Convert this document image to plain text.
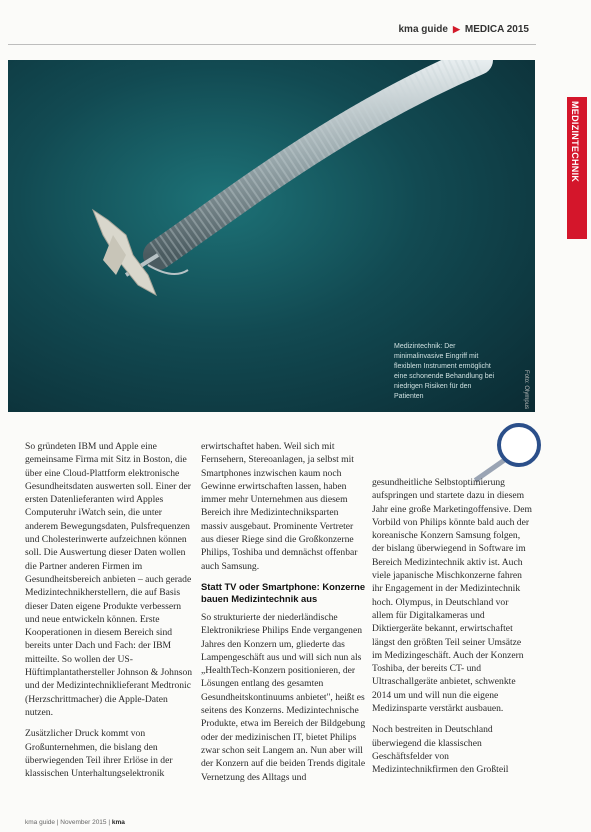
kma guide ▶ MEDICA 2015
MEDIZINTECHNIK
Medizintechnik: Der minimalinvasive Eingriff mit flexiblem Instrument ermöglicht eine schonende Behandlung bei niedrigen Risiken für den Patienten	Foto: Olympus

So gründeten IBM und Apple eine gemeinsame Firma mit Sitz in Boston, die über eine Cloud-Plattform elektronische Gesundheitsdaten auswerten soll. Einer der ersten Datenlieferanten wird Apples Computeruhr iWatch sein, die unter anderem Bewegungsdaten, Pulsfrequenzen und Cholesterinwerte aufzeichnen können soll. Die Auswertung dieser Daten wollen die Partner anderen Firmen im Gesundheitsbereich anbieten – auch gerade Medizintechnikherstellern, die auf Basis dieser Daten eigene Produkte verbessern und neue entwickeln können. Erste Kooperationen in diesem Bereich sind bereits unter Dach und Fach: der IBM mitteilte. So wollen der US-Hüftimplantathersteller Johnson & Johnson und der Medizintechniklieferant Medtronic (Herzschrittmacher) die Apple-Daten nutzen.

Zusätzlicher Druck kommt von Großunternehmen, die bislang den überwiegenden Teil ihrer Erlöse in der klassischen Unterhaltungselektronik

erwirtschaftet haben. Weil sich mit Fernsehern, Stereoanlagen, ja selbst mit Smartphones inzwischen kaum noch Gewinne erwirtschaften lassen, haben immer mehr Unternehmen aus diesem Bereich ihre Medizintechniksparten massiv ausgebaut. Prominente Vertreter aus dieser Riege sind die Großkonzerne Philips, Toshiba und demnächst offenbar auch Samsung.

Statt TV oder Smartphone: Konzerne bauen Medizintechnik aus

So strukturierte der niederländische Elektronikriese Philips Ende vergangenen Jahres den Konzern um, gliederte das Lampengeschäft aus und will sich nun als „HealthTech-Konzern positionieren, der Lösungen entlang des gesamten Gesundheitskontinuums anbietet", heißt es seitens des Konzerns. Medizintechnische Produkte, etwa im Bereich der Bildgebung oder der medizinischen IT, bietet Philips zwar schon seit Langem an. Nun aber will der Konzern auf die beiden Trends digitale Vernetzung des Alltags und

gesundheitliche Selbstoptimierung aufspringen und startete dazu in diesem Jahr eine große Marketingoffensive. Dem Vorbild von Philips könnte bald auch der koreanische Konzern Samsung folgen, der bislang überwiegend in Software im Bereich Medizintechnik aktiv ist. Auch viele japanische Mischkonzerne fahren ihr Engagement in der Medizintechnik hoch. Olympus, in Deutschland vor allem für Digitalkameras und Diktiergeräte bekannt, erwirtschaftet längst den größten Teil seiner Umsätze im Medizingeschäft. Auch der Konzern Toshiba, der bereits CT- und Ultraschallgeräte anbietet, schwenkte 2014 um und will nun die eigene Medizinsparte verstärkt ausbauen.

Noch bestreiten in Deutschland überwiegend die klassischen Geschäftsfelder von Medizintechnikfirmen den Großteil

kma guide | November 2015 | kma
